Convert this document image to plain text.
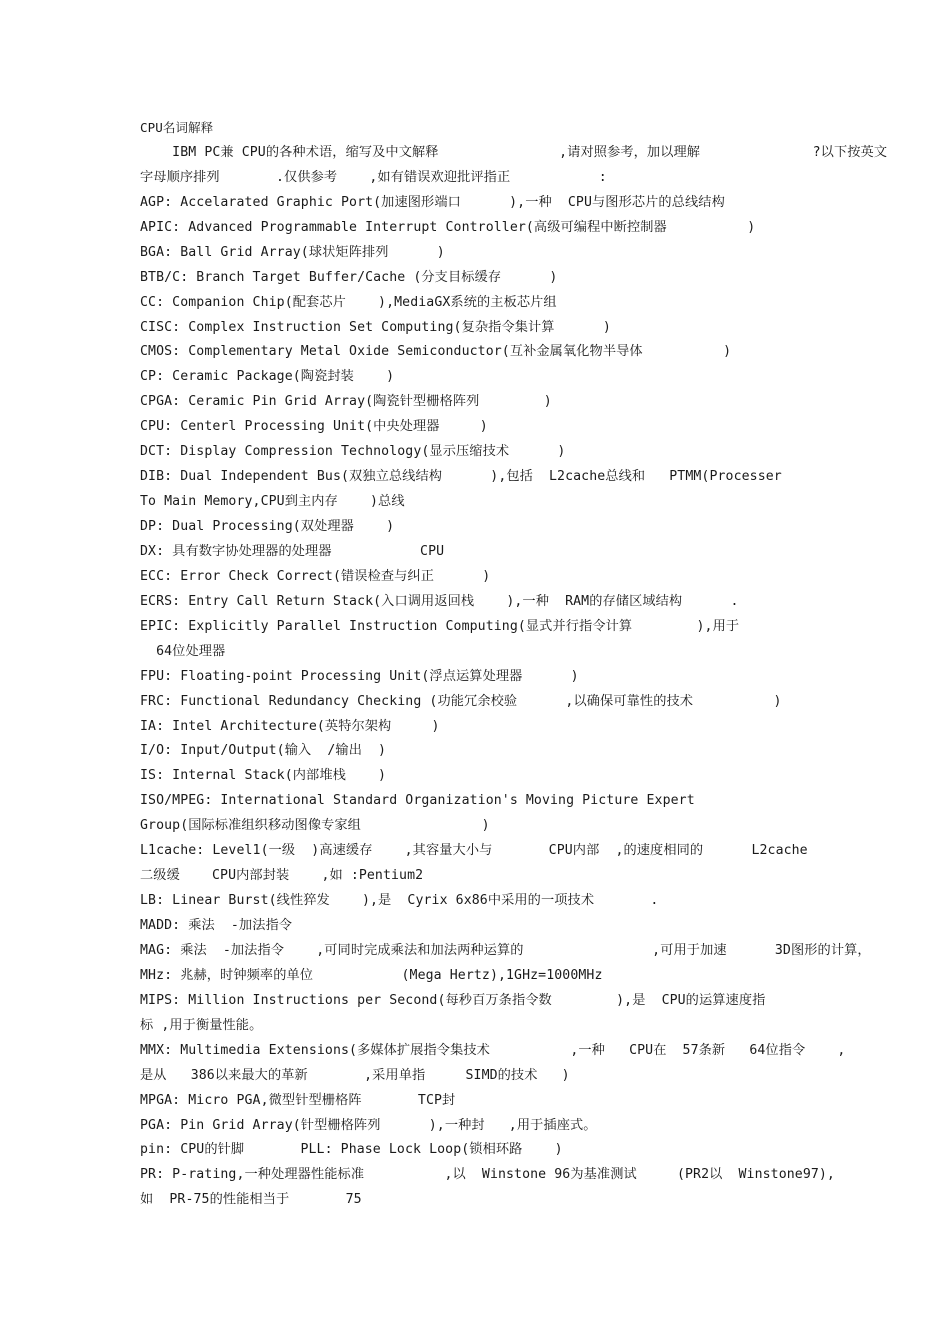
CPU名词解释
IBM PC兼 CPU的各种术语，缩写及中文解释               ,请对照参考，加以理解              ?以下按英文
字母顺序排列       .仅供参考    ,如有错误欢迎批评指正           :
AGP: Accelarated Graphic Port(加速图形端口      ),一种  CPU与图形芯片的总线结构
APIC: Advanced Programmable Interrupt Controller(高级可编程中断控制器          )
BGA: Ball Grid Array(球状矩阵排列      )
BTB/C: Branch Target Buffer/Cache (分支目标缓存      )
CC: Companion Chip(配套芯片    ),MediaGX系统的主板芯片组
CISC: Complex Instruction Set Computing(复杂指令集计算      )
CMOS: Complementary Metal Oxide Semiconductor(互补金属氧化物半导体          )
CP: Ceramic Package(陶瓷封装    )
CPGA: Ceramic Pin Grid Array(陶瓷针型栅格阵列        )
CPU: Centerl Processing Unit(中央处理器     )
DCT: Display Compression Technology(显示压缩技术      )
DIB: Dual Independent Bus(双独立总线结构      ),包括  L2cache总线和   PTMM(Processer
To Main Memory,CPU到主内存    )总线
DP: Dual Processing(双处理器    )
DX: 具有数字协处理器的处理器           CPU
ECC: Error Check Correct(错误检查与纠正      )
ECRS: Entry Call Return Stack(入口调用返回栈    ),一种  RAM的存储区域结构      .
EPIC: Explicitly Parallel Instruction Computing(显式并行指令计算        ),用于
64位处理器
FPU: Floating-point Processing Unit(浮点运算处理器      )
FRC: Functional Redundancy Checking (功能冗余校验      ,以确保可靠性的技术          )
IA: Intel Architecture(英特尔架构     )
I/O: Input/Output(输入  /输出  )
IS: Internal Stack(内部堆栈    )
ISO/MPEG: International Standard Organization's Moving Picture Expert
Group(国际标准组织移动图像专家组               )
L1cache: Level1(一级  )高速缓存    ,其容量大小与       CPU内部  ,的速度相同的      L2cache
二级缓    CPU内部封装    ,如 :Pentium2
LB: Linear Burst(线性猝发    ),是  Cyrix 6x86中采用的一项技术       .
MADD: 乘法  -加法指令
MAG: 乘法  -加法指令    ,可同时完成乘法和加法两种运算的                ,可用于加速      3D图形的计算，
MHz: 兆赫，时钟频率的单位           (Mega Hertz),1GHz=1000MHz
MIPS: Million Instructions per Second(每秒百万条指令数        ),是  CPU的运算速度指
标 ,用于衡量性能。
MMX: Multimedia Extensions(多媒体扩展指令集技术          ,一种   CPU在  57条新   64位指令    ,
是从   386以来最大的革新       ,采用单指     SIMD的技术   )
MPGA: Micro PGA,微型针型栅格阵       TCP封
PGA: Pin Grid Array(针型栅格阵列      ),一种封   ,用于插座式。
pin: CPU的针脚       PLL: Phase Lock Loop(锁相环路    )
PR: P-rating,一种处理器性能标准          ,以  Winstone 96为基准测试     (PR2以  Winstone97),
如  PR-75的性能相当于       75
